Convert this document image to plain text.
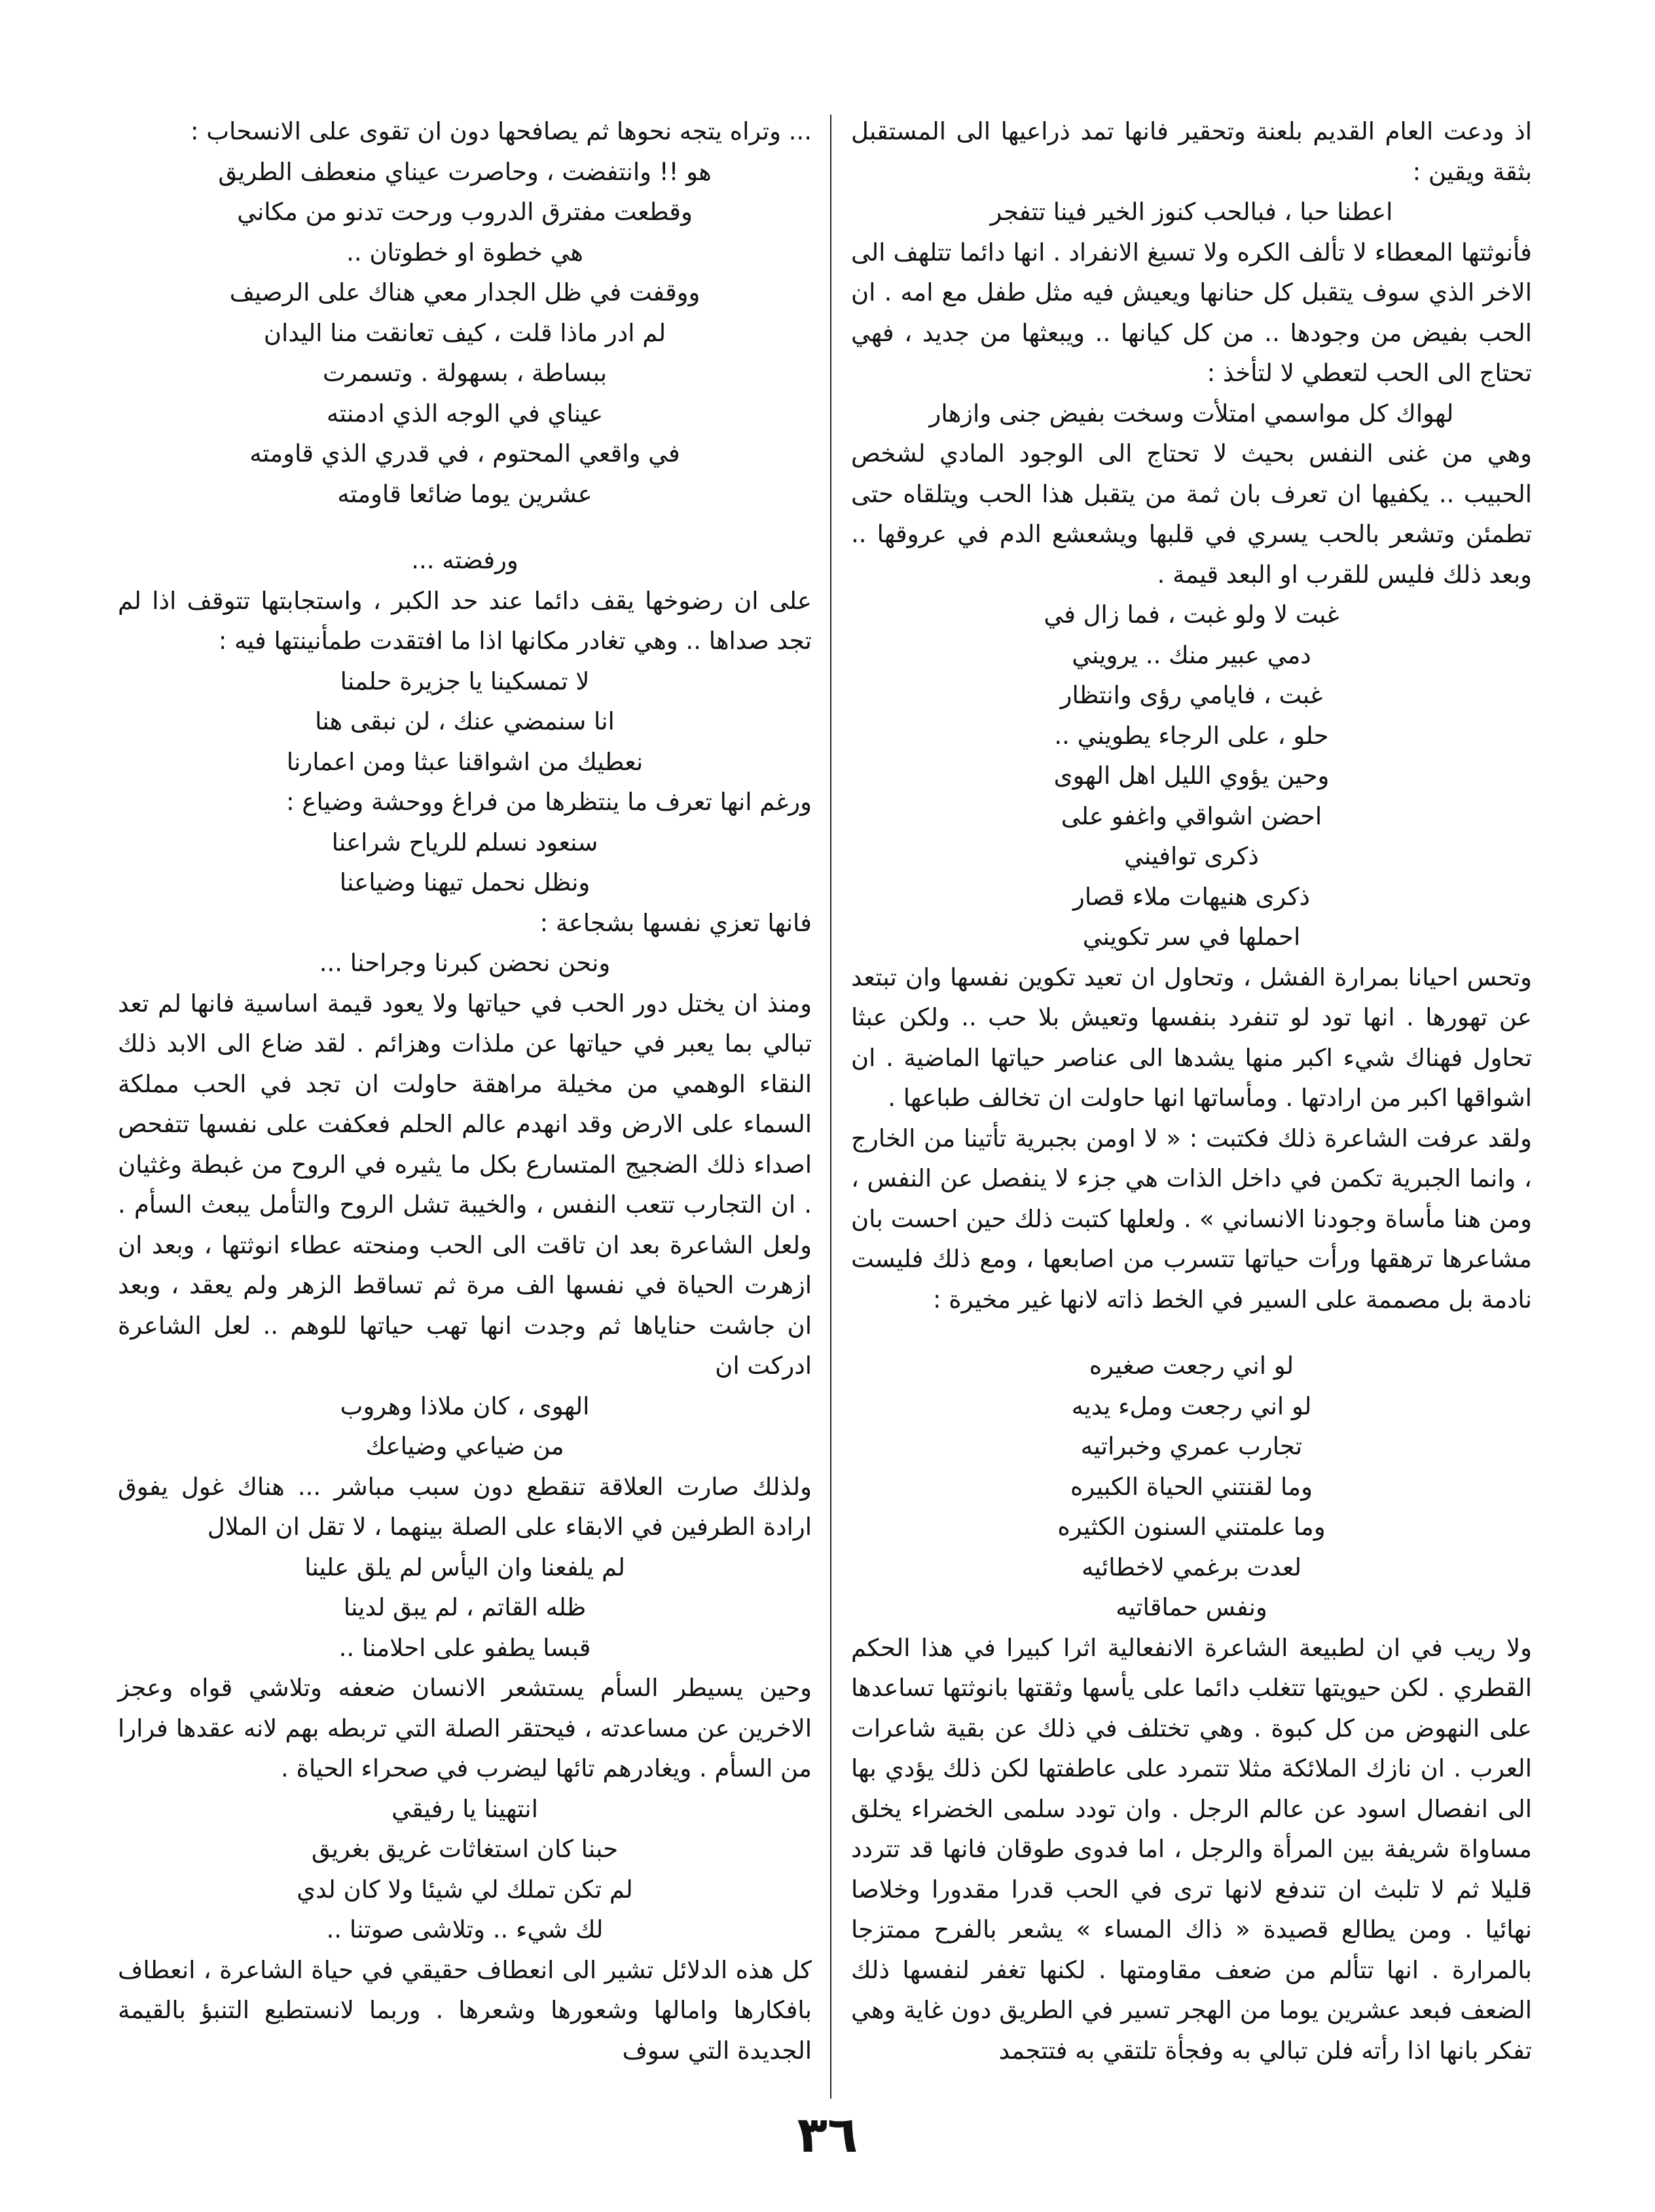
اذ ودعت العام القديم بلعنة وتحقير فانها تمد ذراعيها الى المستقبل بثقة ويقين :

اعطنا حبا ، فبالحب كنوز الخير فينا تتفجر

فأنوثتها المعطاء لا تألف الكره ولا تسيغ الانفراد . انها دائما تتلهف الى الاخر الذي سوف يتقبل كل حنانها ويعيش فيه مثل طفل مع امه . ان الحب بفيض من وجودها .. من كل كيانها .. ويبعثها من جديد ، فهي تحتاج الى الحب لتعطي لا لتأخذ :

لهواك كل مواسمي امتلأت وسخت بفيض جنى وازهار

وهي من غنى النفس بحيث لا تحتاج الى الوجود المادي لشخص الحبيب .. يكفيها ان تعرف بان ثمة من يتقبل هذا الحب ويتلقاه حتى تطمئن وتشعر بالحب يسري في قلبها ويشعشع الدم في عروقها .. وبعد ذلك فليس للقرب او البعد قيمة .

غبت لا ولو غبت ، فما زال في

دمي عبير منك .. يرويني

غبت ، فايامي رؤى وانتظار

حلو ، على الرجاء يطويني ..

وحين يؤوي الليل اهل الهوى

احضن اشواقي واغفو على

ذكرى توافيني

ذكرى هنيهات ملاء قصار

احملها في سر تكويني

وتحس احيانا بمرارة الفشل ، وتحاول ان تعيد تكوين نفسها وان تبتعد عن تهورها . انها تود لو تنفرد بنفسها وتعيش بلا حب .. ولكن عبثا تحاول فهناك شيء اكبر منها يشدها الى عناصر حياتها الماضية . ان اشواقها اكبر من ارادتها . ومأساتها انها حاولت ان تخالف طباعها .

ولقد عرفت الشاعرة ذلك فكتبت : « لا اومن بجبرية تأتينا من الخارج ، وانما الجبرية تكمن في داخل الذات هي جزء لا ينفصل عن النفس ، ومن هنا مأساة وجودنا الانساني » . ولعلها كتبت ذلك حين احست بان مشاعرها ترهقها ورأت حياتها تتسرب من اصابعها ، ومع ذلك فليست نادمة بل مصممة على السير في الخط ذاته لانها غير مخيرة :

لو اني رجعت صغيره

لو اني رجعت وملء يديه

تجارب عمري وخبراتيه

وما لقنتني الحياة الكبيره

وما علمتني السنون الكثيره

لعدت برغمي لاخطائيه

ونفس حماقاتيه

ولا ريب في ان لطبيعة الشاعرة الانفعالية اثرا كبيرا في هذا الحكم القطري . لكن حيويتها تتغلب دائما على يأسها وثقتها بانوثتها تساعدها على النهوض من كل كبوة . وهي تختلف في ذلك عن بقية شاعرات العرب . ان نازك الملائكة مثلا تتمرد على عاطفتها لكن ذلك يؤدي بها الى انفصال اسود عن عالم الرجل . وان تودد سلمى الخضراء يخلق مساواة شريفة بين المرأة والرجل ، اما فدوى طوقان فانها قد تتردد قليلا ثم لا تلبث ان تندفع لانها ترى في الحب قدرا مقدورا وخلاصا نهائيا . ومن يطالع قصيدة « ذاك المساء » يشعر بالفرح ممتزجا بالمرارة . انها تتألم من ضعف مقاومتها . لكنها تغفر لنفسها ذلك الضعف فبعد عشرين يوما من الهجر تسير في الطريق دون غاية وهي تفكر بانها اذا رأته فلن تبالي به وفجأة تلتقي به فتتجمد

... وتراه يتجه نحوها ثم يصافحها دون ان تقوى على الانسحاب :

هو !! وانتفضت ، وحاصرت عيناي منعطف الطريق

وقطعت مفترق الدروب ورحت تدنو من مكاني

هي خطوة او خطوتان ..

ووقفت في ظل الجدار معي هناك على الرصيف

لم ادر ماذا قلت ، كيف تعانقت منا اليدان

ببساطة ، بسهولة . وتسمرت

عيناي في الوجه الذي ادمنته

في واقعي المحتوم ، في قدري الذي قاومته

عشرين يوما ضائعا قاومته

ورفضته ...

على ان رضوخها يقف دائما عند حد الكبر ، واستجابتها تتوقف اذا لم تجد صداها .. وهي تغادر مكانها اذا ما افتقدت طمأنينتها فيه :

لا تمسكينا يا جزيرة حلمنا

انا سنمضي عنك ، لن نبقى هنا

نعطيك من اشواقنا عبثا ومن اعمارنا

ورغم انها تعرف ما ينتظرها من فراغ ووحشة وضياع :

سنعود نسلم للرياح شراعنا

ونظل نحمل تيهنا وضياعنا

فانها تعزي نفسها بشجاعة :

ونحن نحضن كبرنا وجراحنا ...

ومنذ ان يختل دور الحب في حياتها ولا يعود قيمة اساسية فانها لم تعد تبالي بما يعبر في حياتها عن ملذات وهزائم . لقد ضاع الى الابد ذلك النقاء الوهمي من مخيلة مراهقة حاولت ان تجد في الحب مملكة السماء على الارض وقد انهدم عالم الحلم فعكفت على نفسها تتفحص اصداء ذلك الضجيج المتسارع بكل ما يثيره في الروح من غبطة وغثيان . ان التجارب تتعب النفس ، والخيبة تشل الروح والتأمل يبعث السأم . ولعل الشاعرة بعد ان تاقت الى الحب ومنحته عطاء انوثتها ، وبعد ان ازهرت الحياة في نفسها الف مرة ثم تساقط الزهر ولم يعقد ، وبعد ان جاشت حناياها ثم وجدت انها تهب حياتها للوهم .. لعل الشاعرة ادركت ان

الهوى ، كان ملاذا وهروب

من ضياعي وضياعك

ولذلك صارت العلاقة تنقطع دون سبب مباشر ... هناك غول يفوق ارادة الطرفين في الابقاء على الصلة بينهما ، لا تقل ان الملال

لم يلفعنا وان اليأس لم يلق علينا

ظله القاتم ، لم يبق لدينا

قبسا يطفو على احلامنا ..

وحين يسيطر السأم يستشعر الانسان ضعفه وتلاشي قواه وعجز الاخرين عن مساعدته ، فيحتقر الصلة التي تربطه بهم لانه عقدها فرارا من السأم . ويغادرهم تائها ليضرب في صحراء الحياة .

انتهينا يا رفيقي

حبنا كان استغاثات غريق بغريق

لم تكن تملك لي شيئا ولا كان لدي

لك شيء .. وتلاشى صوتنا ..

كل هذه الدلائل تشير الى انعطاف حقيقي في حياة الشاعرة ، انعطاف بافكارها وامالها وشعورها وشعرها . وربما لانستطيع التنبؤ بالقيمة الجديدة التي سوف

٣٦
